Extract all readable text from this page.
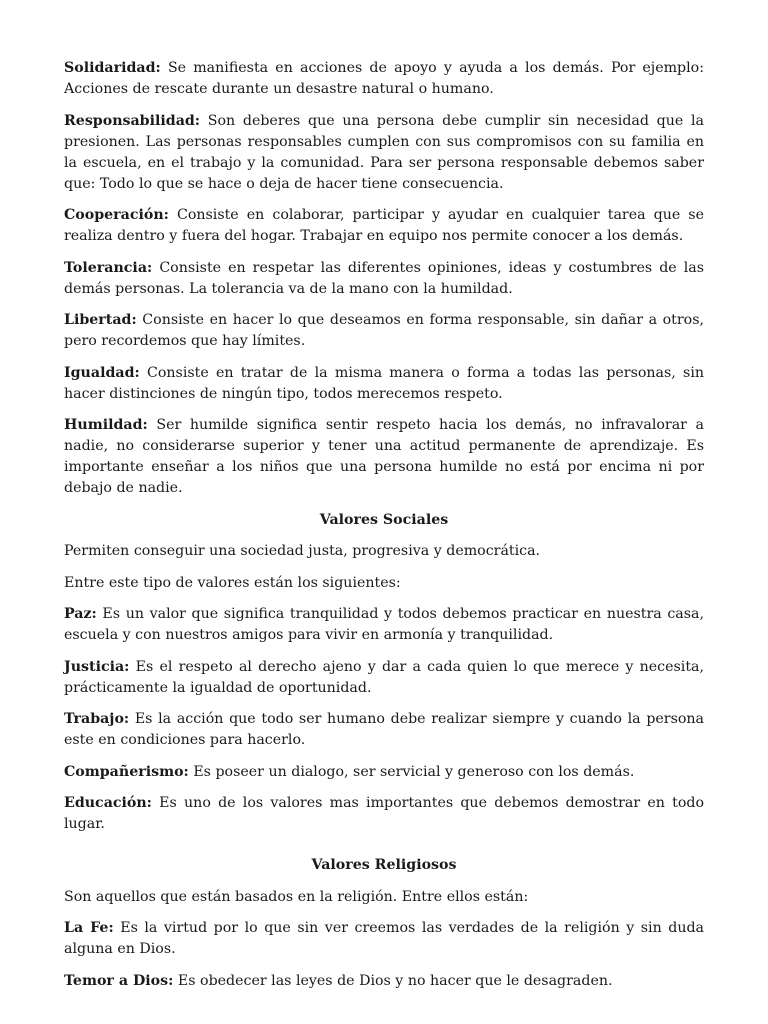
Solidaridad: Se manifiesta en acciones de apoyo y ayuda a los demás. Por ejemplo: Acciones de rescate durante un desastre natural o humano.

Responsabilidad: Son deberes que una persona debe cumplir sin necesidad que la presionen. Las personas responsables cumplen con sus compromisos con su familia en la escuela, en el trabajo y la comunidad. Para ser persona responsable debemos saber que: Todo lo que se hace o deja de hacer tiene consecuencia.

Cooperación: Consiste en colaborar, participar y ayudar en cualquier tarea que se realiza dentro y fuera del hogar. Trabajar en equipo nos permite conocer a los demás.

Tolerancia: Consiste en respetar las diferentes opiniones, ideas y costumbres de las demás personas. La tolerancia va de la mano con la humildad.

Libertad: Consiste en hacer lo que deseamos en forma responsable, sin dañar a otros, pero recordemos que hay límites.

Igualdad: Consiste en tratar de la misma manera o forma a todas las personas, sin hacer distinciones de ningún tipo, todos merecemos respeto.

Humildad: Ser humilde significa sentir respeto hacia los demás, no infravalorar a nadie, no considerarse superior y tener una actitud permanente de aprendizaje. Es importante enseñar a los niños que una persona humilde no está por encima ni por debajo de nadie.

Valores Sociales

Permiten conseguir una sociedad justa, progresiva y democrática.

Entre este tipo de valores están los siguientes:

Paz: Es un valor que significa tranquilidad y todos debemos practicar en nuestra casa, escuela y con nuestros amigos para vivir en armonía y tranquilidad.

Justicia: Es el respeto al derecho ajeno y dar a cada quien lo que merece y necesita, prácticamente la igualdad de oportunidad.

Trabajo: Es la acción que todo ser humano debe realizar siempre y cuando la persona este en condiciones para hacerlo.

Compañerismo: Es poseer un dialogo, ser servicial y generoso con los demás.

Educación: Es uno de los valores mas importantes que debemos demostrar en todo lugar.

Valores Religiosos

Son aquellos que están basados en la religión. Entre ellos están:

La Fe: Es la virtud por lo que sin ver creemos las verdades de la religión y sin duda alguna en Dios.

Temor a Dios: Es obedecer las leyes de Dios y no hacer que le desagraden.
